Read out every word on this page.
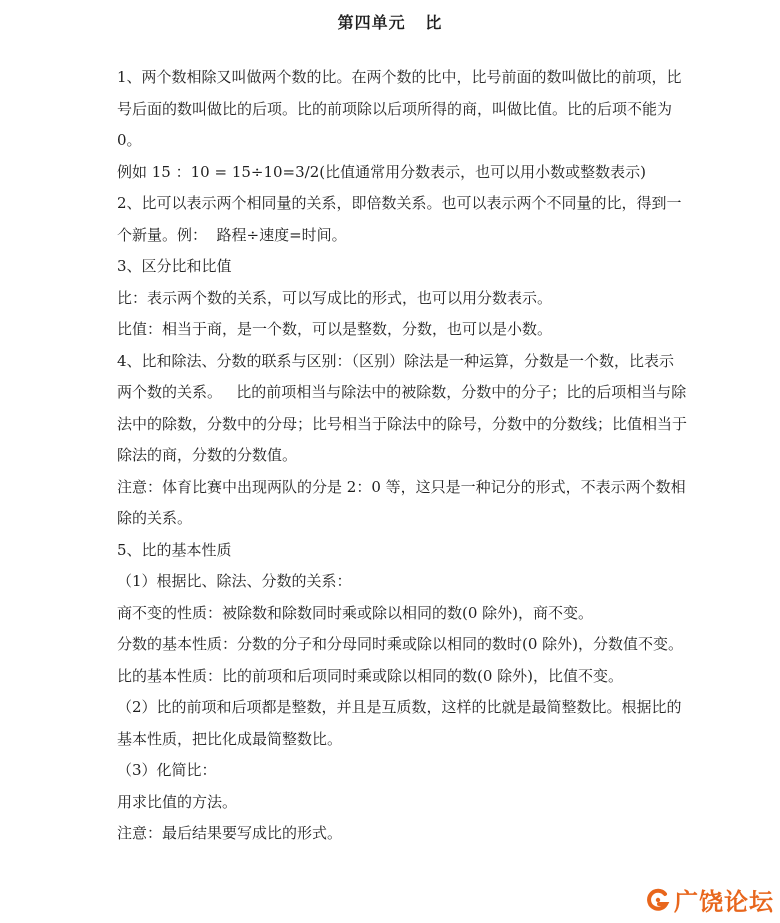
第四单元   比

1、两个数相除又叫做两个数的比。在两个数的比中，比号前面的数叫做比的前项，比号后面的数叫做比的后项。比的前项除以后项所得的商，叫做比值。比的后项不能为0。

例如 15 ：10 = 15÷10=3/2(比值通常用分数表示，也可以用小数或整数表示)

2、比可以表示两个相同量的关系，即倍数关系。也可以表示两个不同量的比，得到一个新量。例：  路程÷速度=时间。

3、区分比和比值

比：表示两个数的关系，可以写成比的形式，也可以用分数表示。

比值：相当于商，是一个数，可以是整数，分数，也可以是小数。

4、比和除法、分数的联系与区别：（区别）除法是一种运算，分数是一个数，比表示两个数的关系。   比的前项相当与除法中的被除数，分数中的分子；比的后项相当与除法中的除数，分数中的分母；比号相当于除法中的除号，分数中的分数线；比值相当于除法的商，分数的分数值。

注意：体育比赛中出现两队的分是 2：0 等，这只是一种记分的形式，不表示两个数相除的关系。

5、比的基本性质

（1）根据比、除法、分数的关系：

商不变的性质：被除数和除数同时乘或除以相同的数(0 除外)，商不变。

分数的基本性质：分数的分子和分母同时乘或除以相同的数时(0 除外)，分数值不变。

比的基本性质：比的前项和后项同时乘或除以相同的数(0 除外)，比值不变。

（2）比的前项和后项都是整数，并且是互质数，这样的比就是最简整数比。根据比的基本性质，把比化成最简整数比。

（3）化简比：

用求比值的方法。

注意：最后结果要写成比的形式。

广饶论坛
